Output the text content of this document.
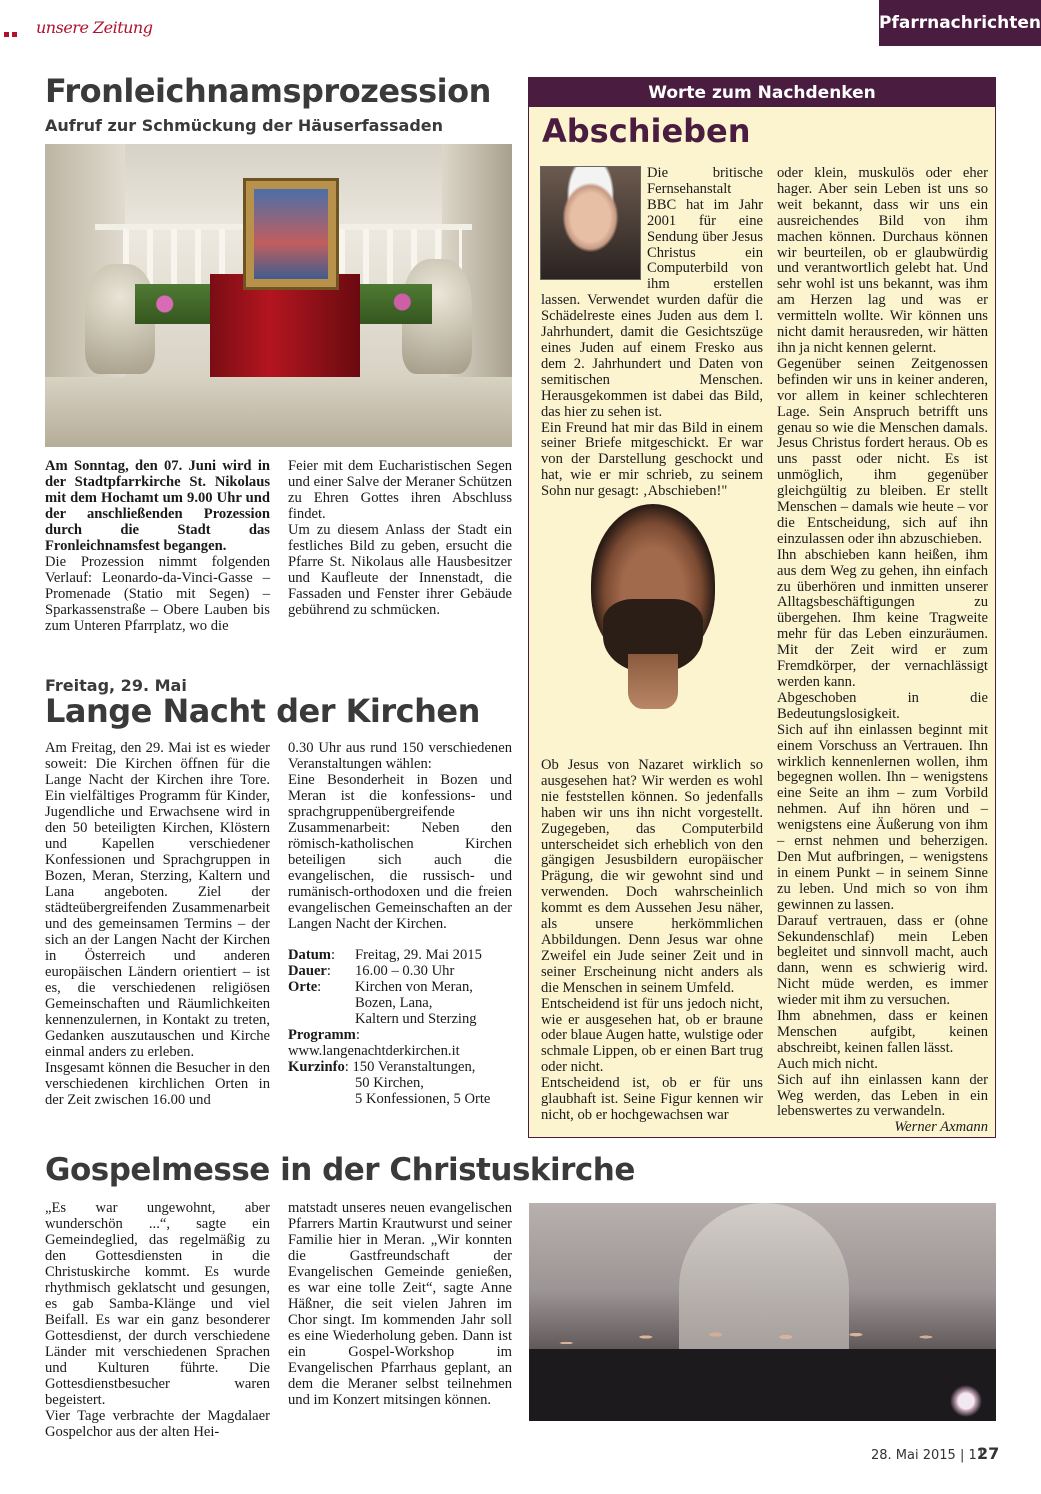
unsere Zeitung	Pfarrnachrichten
Fronleichnamsprozession
Aufruf zur Schmückung der Häuserfassaden

Am Sonntag, den 07. Juni wird in der Stadtpfarrkirche St. Nikolaus mit dem Hochamt um 9.00 Uhr und der anschließenden Prozession durch die Stadt das Fronleichnamsfest begangen.

Die Prozession nimmt folgenden Verlauf: Leonardo-da-Vinci-Gasse – Promenade (Statio mit Segen) – Sparkassenstraße – Obere Lauben bis zum Unteren Pfarrplatz, wo die

Feier mit dem Eucharistischen Segen und einer Salve der Meraner Schützen zu Ehren Gottes ihren Abschluss findet.

Um zu diesem Anlass der Stadt ein festliches Bild zu geben, ersucht die Pfarre St. Nikolaus alle Hausbesitzer und Kaufleute der Innenstadt, die Fassaden und Fenster ihrer Gebäude gebührend zu schmücken.

Freitag, 29. Mai
Lange Nacht der Kirchen

Am Freitag, den 29. Mai ist es wieder soweit: Die Kirchen öffnen für die Lange Nacht der Kirchen ihre Tore. Ein vielfältiges Programm für Kinder, Jugendliche und Erwachsene wird in den 50 beteiligten Kirchen, Klöstern und Kapellen verschiedener Konfessionen und Sprachgruppen in Bozen, Meran, Sterzing, Kaltern und Lana angeboten. Ziel der städteübergreifenden Zusammenarbeit und des gemeinsamen Termins – der sich an der Langen Nacht der Kirchen in Österreich und anderen europäischen Ländern orientiert – ist es, die verschiedenen religiösen Gemeinschaften und Räumlichkeiten kennenzulernen, in Kontakt zu treten, Gedanken auszutauschen und Kirche einmal anders zu erleben.

Insgesamt können die Besucher in den verschiedenen kirchlichen Orten in der Zeit zwischen 16.00 und

0.30 Uhr aus rund 150 verschiedenen Veranstaltungen wählen:

Eine Besonderheit in Bozen und Meran ist die konfessions- und sprachgruppenübergreifende Zusammenarbeit: Neben den römisch-katholischen Kirchen beteiligen sich auch die evangelischen, die russisch- und rumänisch-orthodoxen und die freien evangelischen Gemeinschaften an der Langen Nacht der Kirchen.

Datum: Freitag, 29. Mai 2015
Dauer: 16.00 – 0.30 Uhr
Orte: Kirchen von Meran,
Bozen, Lana,
Kaltern und Sterzing
Programm:
www.langenachtderkirchen.it
Kurzinfo: 150 Veranstaltungen,
50 Kirchen,
5 Konfessionen, 5 Orte
Worte zum Nachdenken
Abschieben

Die britische Fernsehanstalt BBC hat im Jahr 2001 für eine Sendung über Jesus Christus ein Computerbild von ihm erstellen lassen. Verwendet wurden dafür die Schädelreste eines Juden aus dem l. Jahrhundert, damit die Gesichtszüge eines Juden auf einem Fresko aus dem 2. Jahrhundert und Daten von semitischen Menschen. Herausgekommen ist dabei das Bild, das hier zu sehen ist.

Ein Freund hat mir das Bild in einem seiner Briefe mitgeschickt. Er war von der Darstellung geschockt und hat, wie er mir schrieb, zu seinem Sohn nur gesagt: ‚Abschieben!"

Ob Jesus von Nazaret wirklich so ausgesehen hat? Wir werden es wohl nie feststellen können. So jedenfalls haben wir uns ihn nicht vorgestellt. Zugegeben, das Computerbild unterscheidet sich erheblich von den gängigen Jesusbildern europäischer Prägung, die wir gewohnt sind und verwenden. Doch wahrscheinlich kommt es dem Aussehen Jesu näher, als unsere herkömmlichen Abbildungen. Denn Jesus war ohne Zweifel ein Jude seiner Zeit und in seiner Erscheinung nicht anders als die Menschen in seinem Umfeld.

Entscheidend ist für uns jedoch nicht, wie er ausgesehen hat, ob er braune oder blaue Augen hatte, wulstige oder schmale Lippen, ob er einen Bart trug oder nicht.

Entscheidend ist, ob er für uns glaubhaft ist. Seine Figur kennen wir nicht, ob er hochgewachsen war

oder klein, muskulös oder eher hager. Aber sein Leben ist uns so weit bekannt, dass wir uns ein ausreichendes Bild von ihm machen können. Durchaus können wir beurteilen, ob er glaubwürdig und verantwortlich gelebt hat. Und sehr wohl ist uns bekannt, was ihm am Herzen lag und was er vermitteln wollte. Wir können uns nicht damit herausreden, wir hätten ihn ja nicht kennen gelernt.

Gegenüber seinen Zeitgenossen befinden wir uns in keiner anderen, vor allem in keiner schlechteren Lage. Sein Anspruch betrifft uns genau so wie die Menschen damals. Jesus Christus fordert heraus. Ob es uns passt oder nicht. Es ist unmöglich, ihm gegenüber gleichgültig zu bleiben. Er stellt Menschen – damals wie heute – vor die Entscheidung, sich auf ihn einzulassen oder ihn abzuschieben.

Ihn abschieben kann heißen, ihm aus dem Weg zu gehen, ihn einfach zu überhören und inmitten unserer Alltagsbeschäftigungen zu übergehen. Ihm keine Tragweite mehr für das Leben einzuräumen. Mit der Zeit wird er zum Fremdkörper, der vernachlässigt werden kann.

Abgeschoben in die Bedeutungslosigkeit.

Sich auf ihn einlassen beginnt mit einem Vorschuss an Vertrauen. Ihn wirklich kennenlernen wollen, ihm begegnen wollen. Ihn – wenigstens eine Seite an ihm – zum Vorbild nehmen. Auf ihn hören und – wenigstens eine Äußerung von ihm – ernst nehmen und beherzigen. Den Mut aufbringen, – wenigstens in einem Punkt – in seinem Sinne zu leben. Und mich so von ihm gewinnen zu lassen.

Darauf vertrauen, dass er (ohne Sekundenschlaf) mein Leben begleitet und sinnvoll macht, auch dann, wenn es schwierig wird. Nicht müde werden, es immer wieder mit ihm zu versuchen.

Ihm abnehmen, dass er keinen Menschen aufgibt, keinen abschreibt, keinen fallen lässt.

Auch mich nicht.

Sich auf ihn einlassen kann der Weg werden, das Leben in ein lebenswertes zu verwandeln.

Werner Axmann

Gospelmesse in der Christuskirche

„Es war ungewohnt, aber wunderschön ...“, sagte ein Gemeindeglied, das regelmäßig zu den Gottesdiensten in die Christuskirche kommt. Es wurde rhythmisch geklatscht und gesungen, es gab Samba-Klänge und viel Beifall. Es war ein ganz besonderer Gottesdienst, der durch verschiedene Länder mit verschiedenen Sprachen und Kulturen führte. Die Gottesdienstbesucher waren begeistert.

Vier Tage verbrachte der Magdalaer Gospelchor aus der alten Hei-

matstadt unseres neuen evangelischen Pfarrers Martin Krautwurst und seiner Familie hier in Meran. „Wir konnten die Gastfreundschaft der Evangelischen Gemeinde genießen, es war eine tolle Zeit“, sagte Anne Häßner, die seit vielen Jahren im Chor singt. Im kommenden Jahr soll es eine Wiederholung geben. Dann ist ein Gospel-Workshop im Evangelischen Pfarrhaus geplant, an dem die Meraner selbst teilnehmen und im Konzert mitsingen können.

28. Mai 2015 | 11
27
